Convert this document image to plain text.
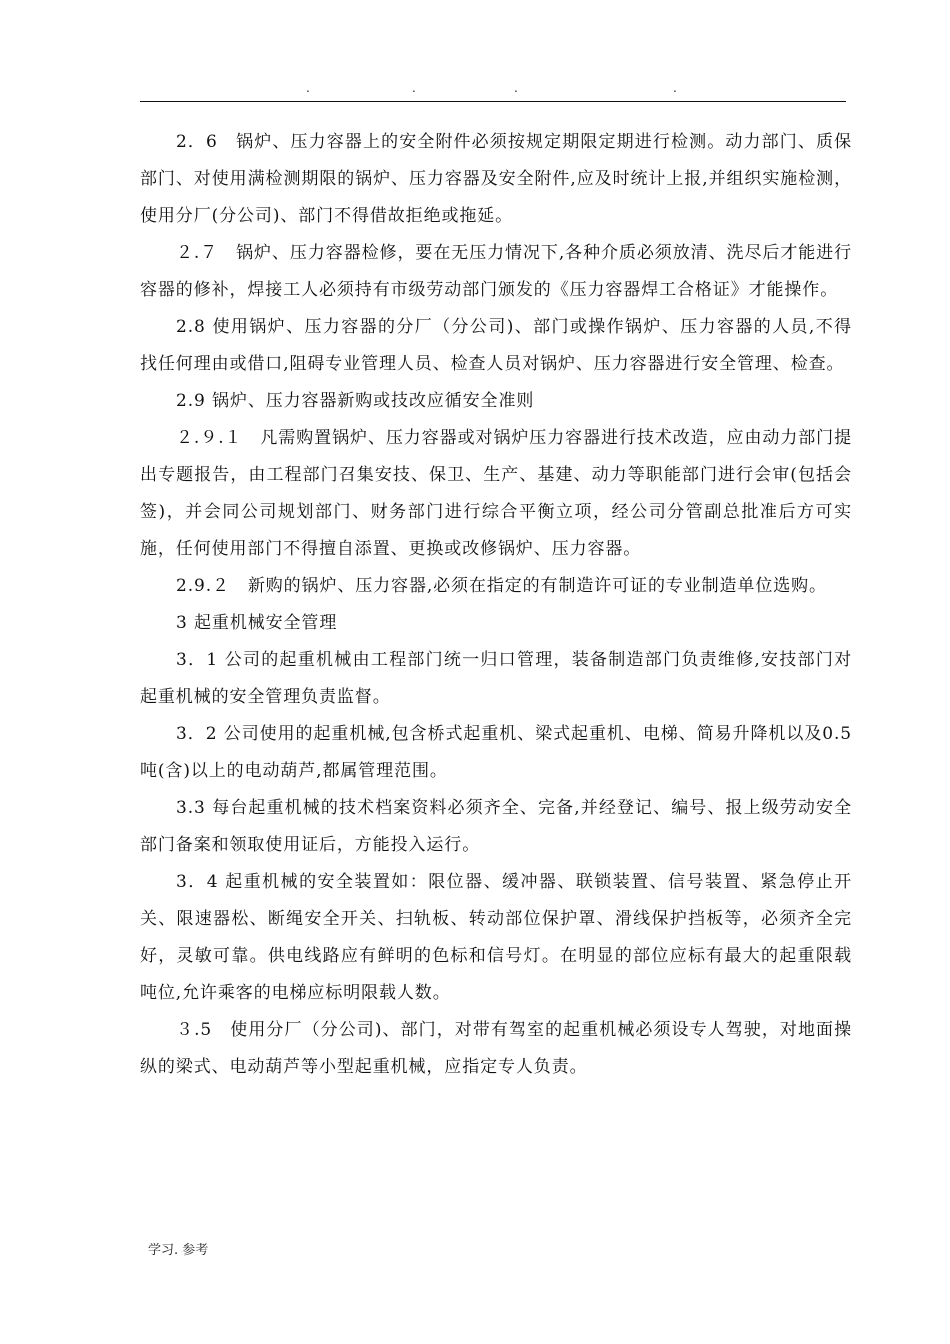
.	.	.	.

2．6　锅炉、压力容器上的安全附件必须按规定期限定期进行检测。动力部门、质保部门、对使用满检测期限的锅炉、压力容器及安全附件,应及时统计上报,并组织实施检测，使用分厂(分公司)、部门不得借故拒绝或拖延。

２.７　锅炉、压力容器检修，要在无压力情况下,各种介质必须放清、洗尽后才能进行容器的修补，焊接工人必须持有市级劳动部门颁发的《压力容器焊工合格证》才能操作。

2.8 使用锅炉、压力容器的分厂（分公司)、部门或操作锅炉、压力容器的人员,不得找任何理由或借口,阻碍专业管理人员、检查人员对锅炉、压力容器进行安全管理、检查。

2.9 锅炉、压力容器新购或技改应循安全准则

２.９.１　凡需购置锅炉、压力容器或对锅炉压力容器进行技术改造，应由动力部门提出专题报告，由工程部门召集安技、保卫、生产、基建、动力等职能部门进行会审(包括会签)，并会同公司规划部门、财务部门进行综合平衡立项，经公司分管副总批准后方可实施，任何使用部门不得擅自添置、更换或改修锅炉、压力容器。

2.9.２　新购的锅炉、压力容器,必须在指定的有制造许可证的专业制造单位选购。

3 起重机械安全管理

3．1 公司的起重机械由工程部门统一归口管理，装备制造部门负责维修,安技部门对起重机械的安全管理负责监督。

3．2 公司使用的起重机械,包含桥式起重机、梁式起重机、电梯、简易升降机以及0.5吨(含)以上的电动葫芦,都属管理范围。

3.3 每台起重机械的技术档案资料必须齐全、完备,并经登记、编号、报上级劳动安全部门备案和领取使用证后，方能投入运行。

3．4 起重机械的安全装置如：限位器、缓冲器、联锁装置、信号装置、紧急停止开关、限速器松、断绳安全开关、扫轨板、转动部位保护罩、滑线保护挡板等，必须齐全完好，灵敏可靠。供电线路应有鲜明的色标和信号灯。在明显的部位应标有最大的起重限载吨位,允许乘客的电梯应标明限载人数。

３.5　使用分厂（分公司)、部门，对带有驾室的起重机械必须设专人驾驶，对地面操纵的梁式、电动葫芦等小型起重机械，应指定专人负责。

学习. 参考
